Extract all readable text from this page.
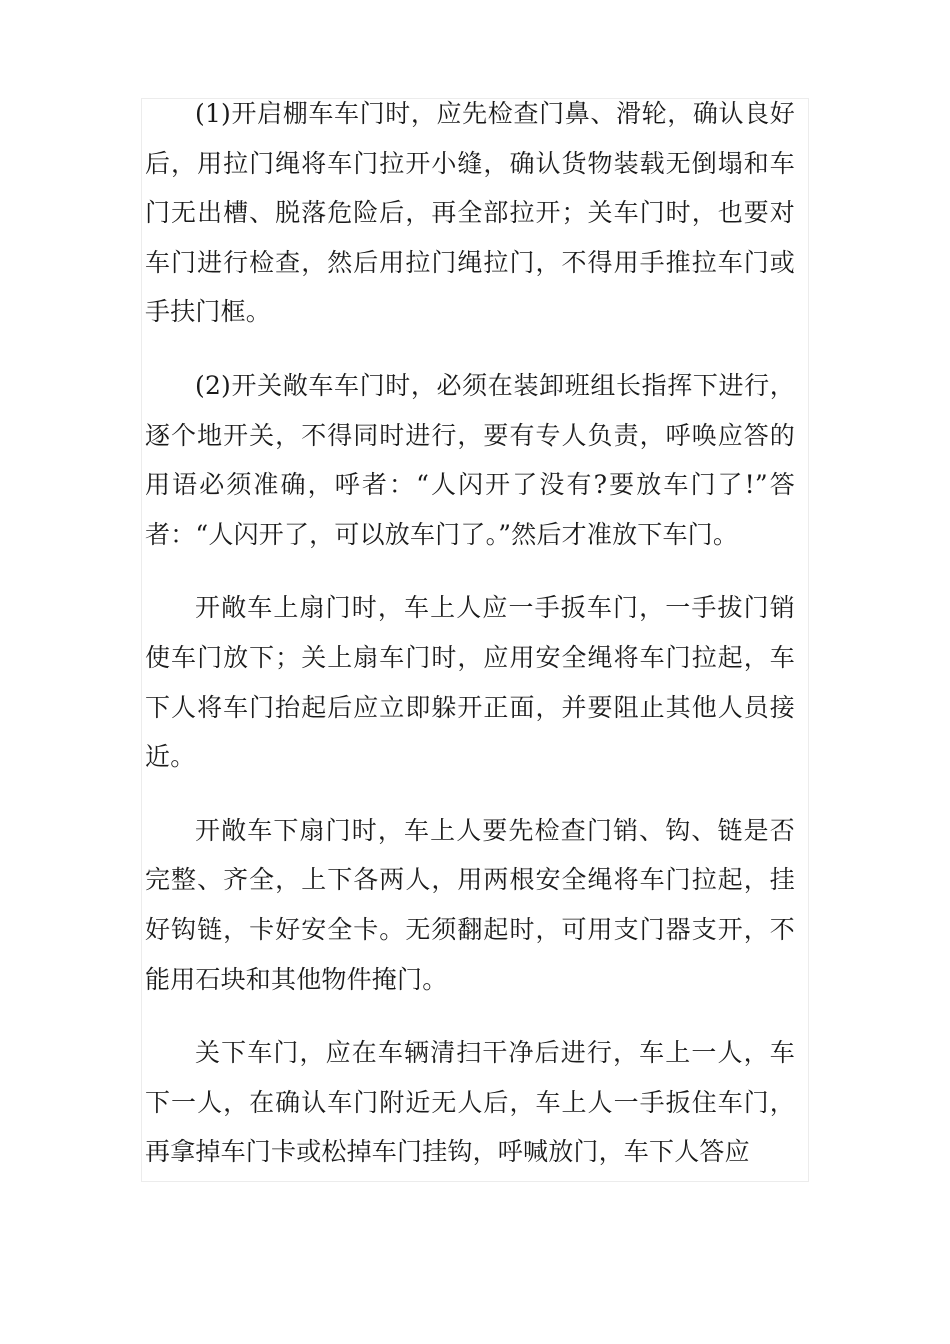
(1)开启棚车车门时，应先检查门鼻、滑轮，确认良好后，用拉门绳将车门拉开小缝，确认货物装载无倒塌和车门无出槽、脱落危险后，再全部拉开；关车门时，也要对车门进行检查，然后用拉门绳拉门，不得用手推拉车门或手扶门框。

(2)开关敞车车门时，必须在装卸班组长指挥下进行，逐个地开关，不得同时进行，要有专人负责，呼唤应答的用语必须准确，呼者：“人闪开了没有?要放车门了!”答者：“人闪开了，可以放车门了。”然后才准放下车门。

开敞车上扇门时，车上人应一手扳车门，一手拔门销使车门放下；关上扇车门时，应用安全绳将车门拉起，车下人将车门抬起后应立即躲开正面，并要阻止其他人员接近。

开敞车下扇门时，车上人要先检查门销、钩、链是否完整、齐全，上下各两人，用两根安全绳将车门拉起，挂好钩链，卡好安全卡。无须翻起时，可用支门器支开，不能用石块和其他物件掩门。

关下车门，应在车辆清扫干净后进行，车上一人，车下一人，在确认车门附近无人后，车上人一手扳住车门，再拿掉车门卡或松掉车门挂钩，呼喊放门，车下人答应
